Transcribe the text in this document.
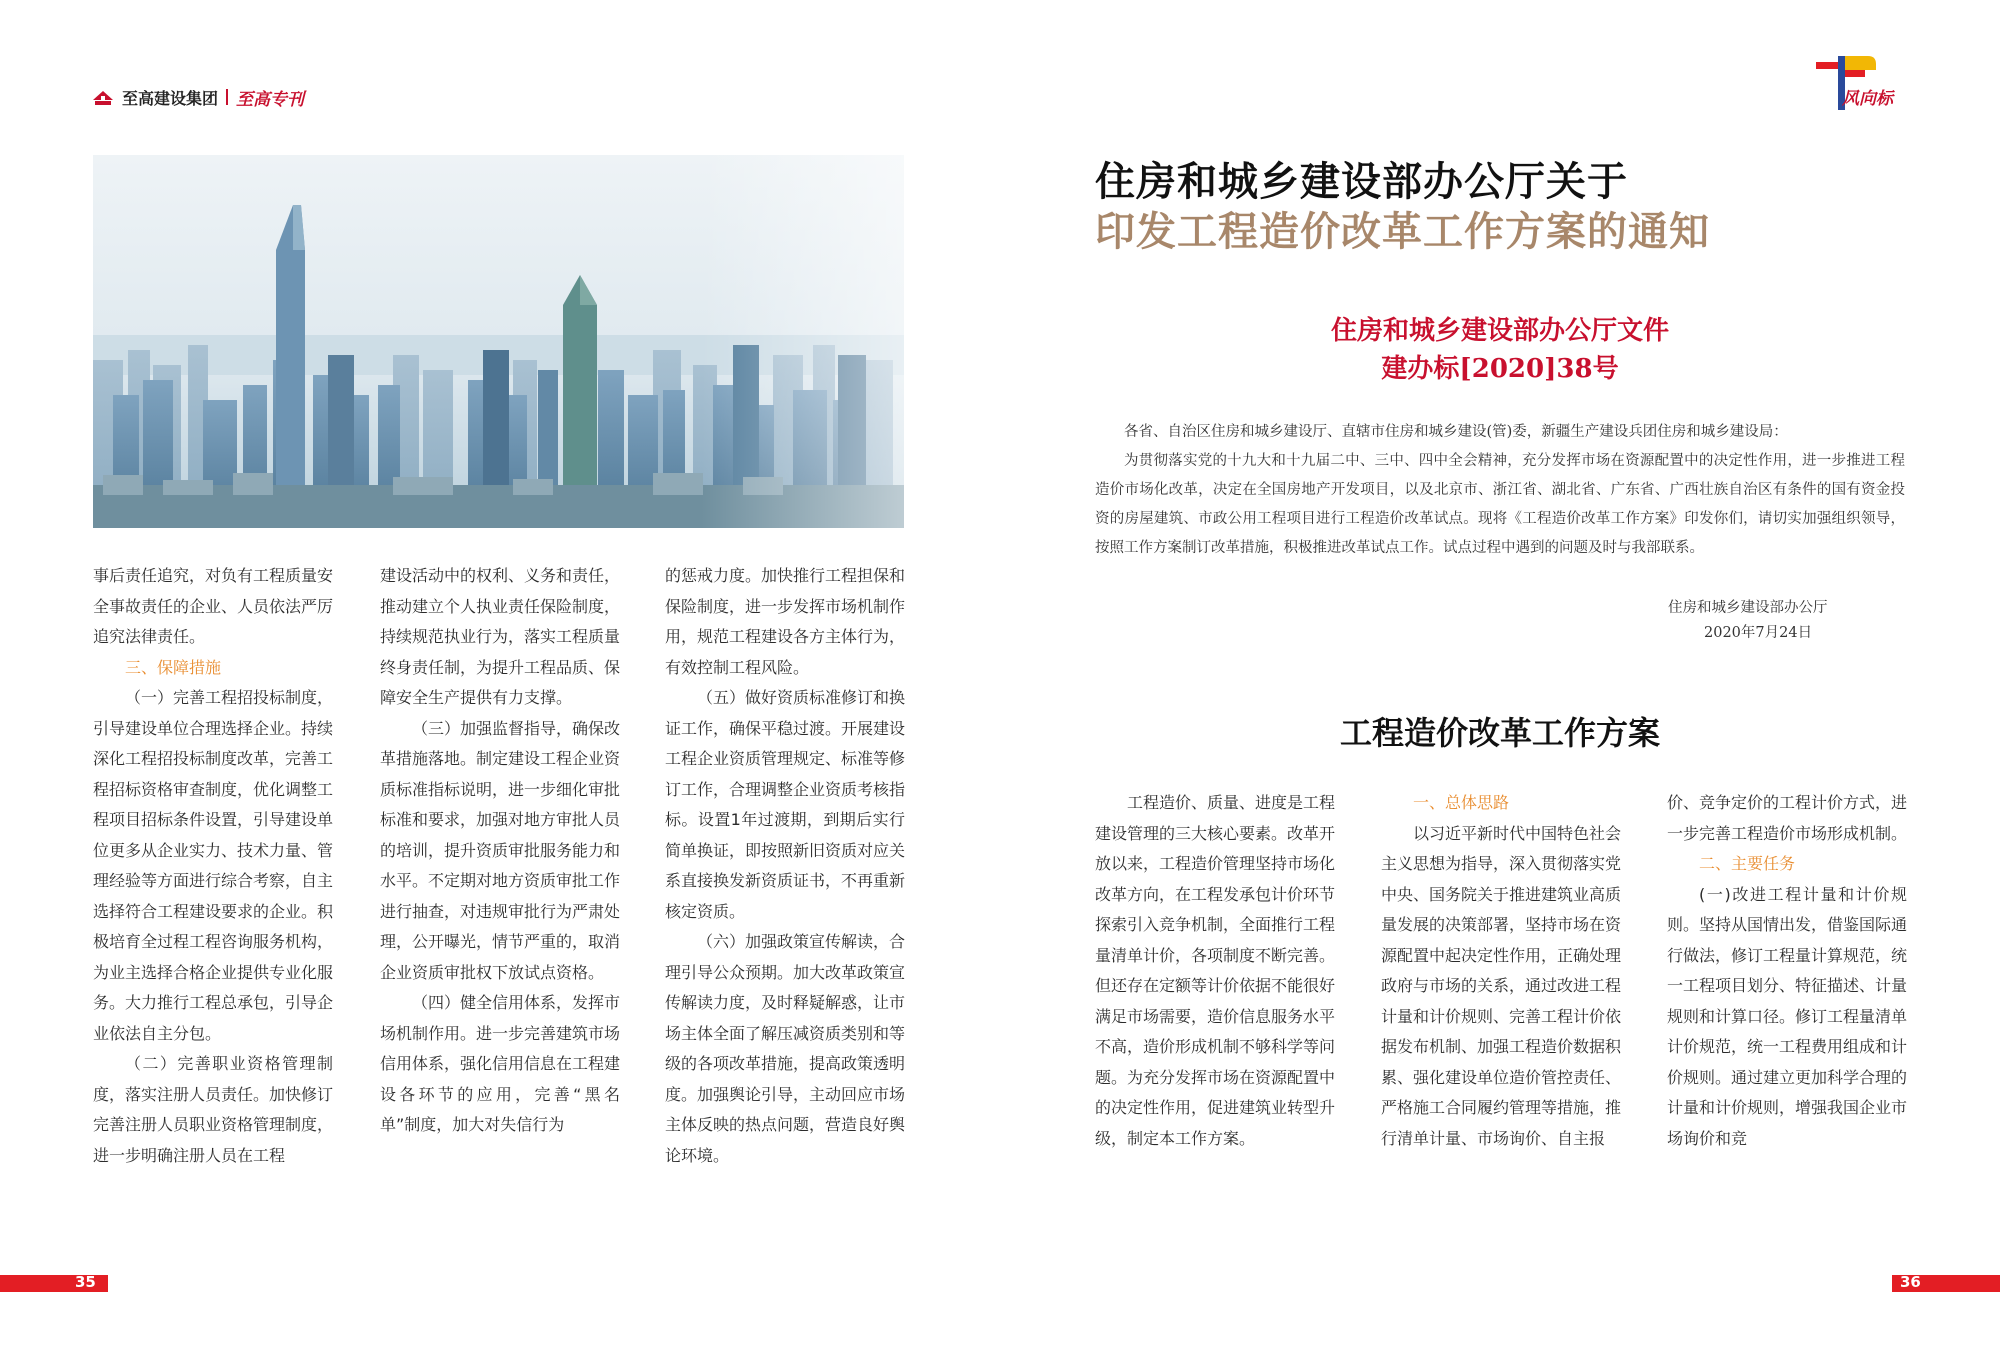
至高建设集团 至高专刊	风向标

事后责任追究，对负有工程质量安全事故责任的企业、人员依法严厉追究法律责任。

三、保障措施

（一）完善工程招投标制度，引导建设单位合理选择企业。持续深化工程招投标制度改革，完善工程招标资格审查制度，优化调整工程项目招标条件设置，引导建设单位更多从企业实力、技术力量、管理经验等方面进行综合考察，自主选择符合工程建设要求的企业。积极培育全过程工程咨询服务机构，为业主选择合格企业提供专业化服务。大力推行工程总承包，引导企业依法自主分包。

（二）完善职业资格管理制度，落实注册人员责任。加快修订完善注册人员职业资格管理制度，进一步明确注册人员在工程

建设活动中的权利、义务和责任，推动建立个人执业责任保险制度，持续规范执业行为，落实工程质量终身责任制，为提升工程品质、保障安全生产提供有力支撑。

（三）加强监督指导，确保改革措施落地。制定建设工程企业资质标准指标说明，进一步细化审批标准和要求，加强对地方审批人员的培训，提升资质审批服务能力和水平。不定期对地方资质审批工作进行抽查，对违规审批行为严肃处理，公开曝光，情节严重的，取消企业资质审批权下放试点资格。

（四）健全信用体系，发挥市场机制作用。进一步完善建筑市场信用体系，强化信用信息在工程建设各环节的应用，完善“黑名单”制度，加大对失信行为

的惩戒力度。加快推行工程担保和保险制度，进一步发挥市场机制作用，规范工程建设各方主体行为，有效控制工程风险。

（五）做好资质标准修订和换证工作，确保平稳过渡。开展建设工程企业资质管理规定、标准等修订工作，合理调整企业资质考核指标。设置1年过渡期，到期后实行简单换证，即按照新旧资质对应关系直接换发新资质证书，不再重新核定资质。

（六）加强政策宣传解读，合理引导公众预期。加大改革政策宣传解读力度，及时释疑解惑，让市场主体全面了解压减资质类别和等级的各项改革措施，提高政策透明度。加强舆论引导，主动回应市场主体反映的热点问题，营造良好舆论环境。

住房和城乡建设部办公厅关于
印发工程造价改革工作方案的通知
住房和城乡建设部办公厅文件
建办标[2020]38号

各省、自治区住房和城乡建设厅、直辖市住房和城乡建设(管)委，新疆生产建设兵团住房和城乡建设局：

为贯彻落实党的十九大和十九届二中、三中、四中全会精神，充分发挥市场在资源配置中的决定性作用，进一步推进工程造价市场化改革，决定在全国房地产开发项目，以及北京市、浙江省、湖北省、广东省、广西壮族自治区有条件的国有资金投资的房屋建筑、市政公用工程项目进行工程造价改革试点。现将《工程造价改革工作方案》印发你们，请切实加强组织领导，按照工作方案制订改革措施，积极推进改革试点工作。试点过程中遇到的问题及时与我部联系。

住房和城乡建设部办公厅
2020年7月24日
工程造价改革工作方案

工程造价、质量、进度是工程建设管理的三大核心要素。改革开放以来，工程造价管理坚持市场化改革方向，在工程发承包计价环节探索引入竞争机制，全面推行工程量清单计价，各项制度不断完善。但还存在定额等计价依据不能很好满足市场需要，造价信息服务水平不高，造价形成机制不够科学等问题。为充分发挥市场在资源配置中的决定性作用，促进建筑业转型升级，制定本工作方案。

一、总体思路

以习近平新时代中国特色社会主义思想为指导，深入贯彻落实党中央、国务院关于推进建筑业高质量发展的决策部署，坚持市场在资源配置中起决定性作用，正确处理政府与市场的关系，通过改进工程计量和计价规则、完善工程计价依据发布机制、加强工程造价数据积累、强化建设单位造价管控责任、严格施工合同履约管理等措施，推行清单计量、市场询价、自主报

价、竞争定价的工程计价方式，进一步完善工程造价市场形成机制。

二、主要任务

(一)改进工程计量和计价规则。坚持从国情出发，借鉴国际通行做法，修订工程量计算规范，统一工程项目划分、特征描述、计量规则和计算口径。修订工程量清单计价规范，统一工程费用组成和计价规则。通过建立更加科学合理的计量和计价规则，增强我国企业市场询价和竞

35	36
